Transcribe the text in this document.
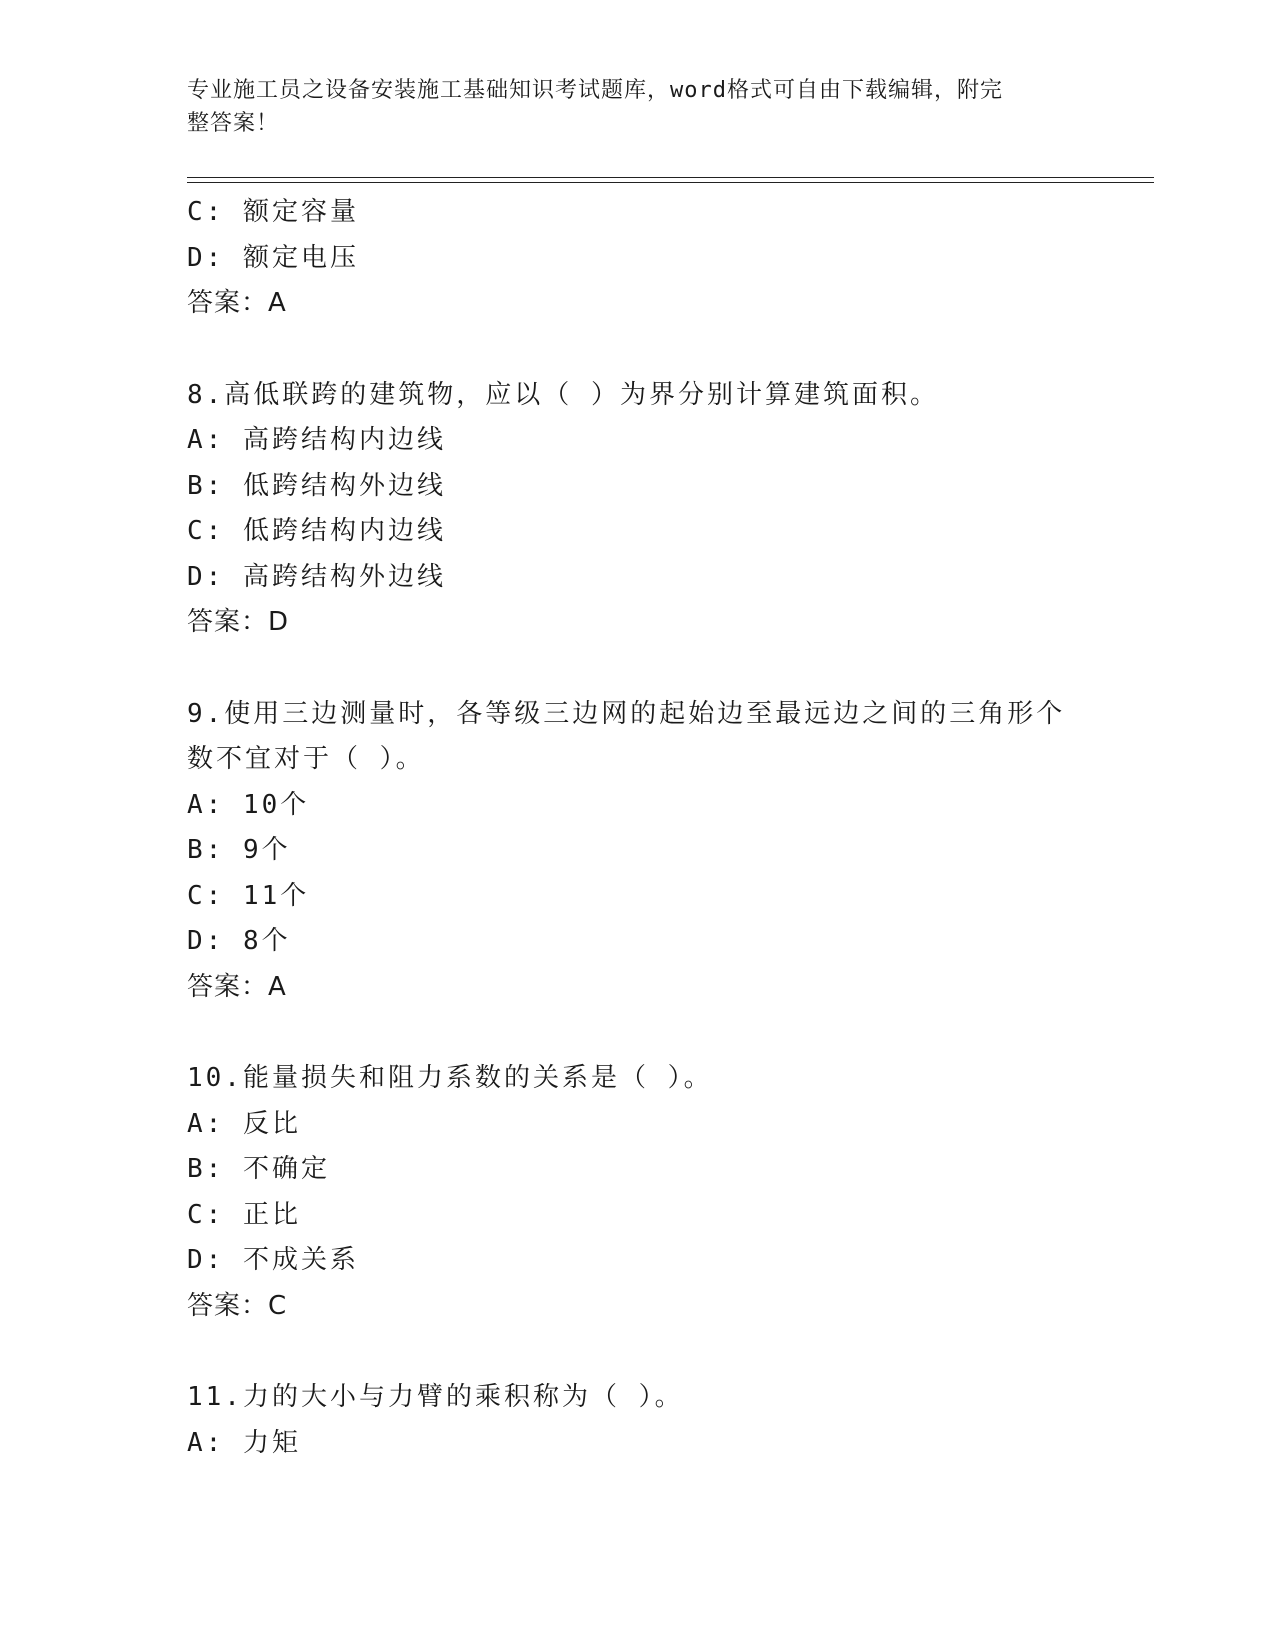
专业施工员之设备安装施工基础知识考试题库，word格式可自由下载编辑，附完
整答案！
C: 额定容量
D: 额定电压
答案：A
8.高低联跨的建筑物，应以（ ）为界分别计算建筑面积。
A: 高跨结构内边线
B: 低跨结构外边线
C: 低跨结构内边线
D: 高跨结构外边线
答案：D
9.使用三边测量时，各等级三边网的起始边至最远边之间的三角形个
数不宜对于（ ）。
A: 10个
B: 9个
C: 11个
D: 8个
答案：A
10.能量损失和阻力系数的关系是（ ）。
A: 反比
B: 不确定
C: 正比
D: 不成关系
答案：C
11.力的大小与力臂的乘积称为（ ）。
A: 力矩
